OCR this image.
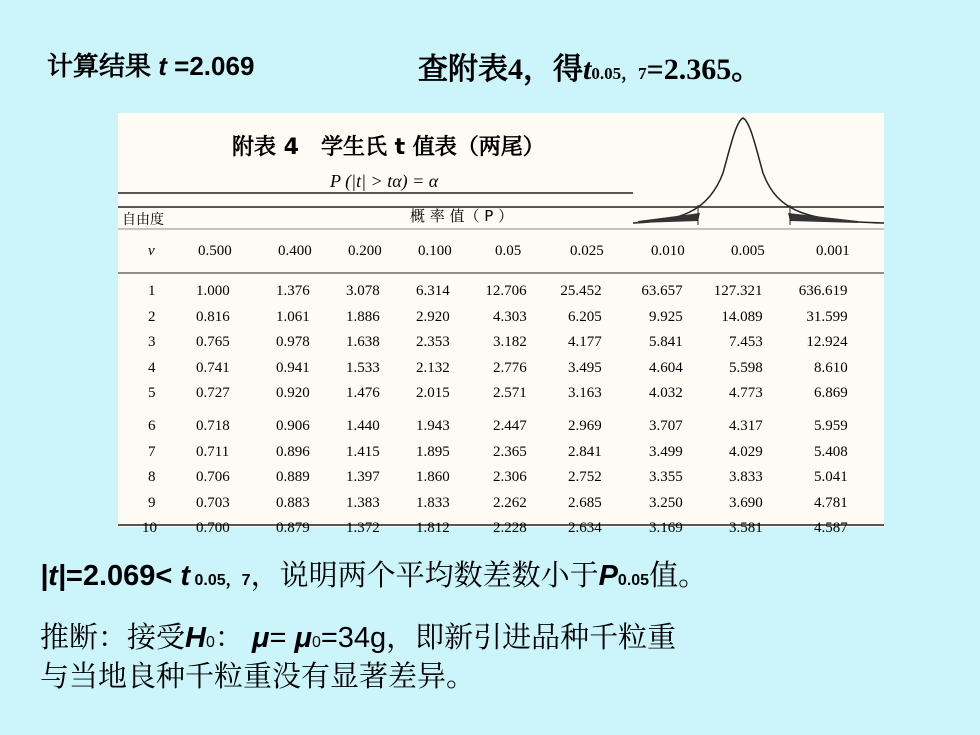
计算结果 t =2.069	查附表4，得t0.05，7=2.365。
附表 4　学生氏 t 值表（两尾）
P (|t| > tα) = α
自由度	概 率 值（ P ）
ν	0.500	0.400 0.200 0.100	0.05	0.025	0.010	0.005	0.001
1	1.000	1.376 3.078 6.314 12.706 25.452	63.657 127.321 636.619
2	0.816	1.061 1.886 2.920	4.303	6.205	9.925	14.089	31.599
3	0.765	0.978 1.638 2.353	3.182	4.177	5.841	7.453	12.924
4	0.741	0.941 1.533 2.132	2.776	3.495	4.604	5.598	8.610
5	0.727	0.920 1.476 2.015	2.571	3.163	4.032	4.773	6.869
6	0.718	0.906 1.440 1.943	2.447	2.969	3.707	4.317	5.959
7	0.711	0.896 1.415 1.895	2.365	2.841	3.499	4.029	5.408
8	0.706	0.889 1.397 1.860	2.306	2.752	3.355	3.833	5.041
9	0.703	0.883 1.383 1.833	2.262	2.685	3.250	3.690	4.781
10	0.700	0.879 1.372 1.812	2.228	2.634	3.169	3.581	4.587
|t|=2.069< t 0.05，7，说明两个平均数差数小于P0.05值。
推断：接受H0： μ= μ0=34g，即新引进品种千粒重
与当地良种千粒重没有显著差异。
